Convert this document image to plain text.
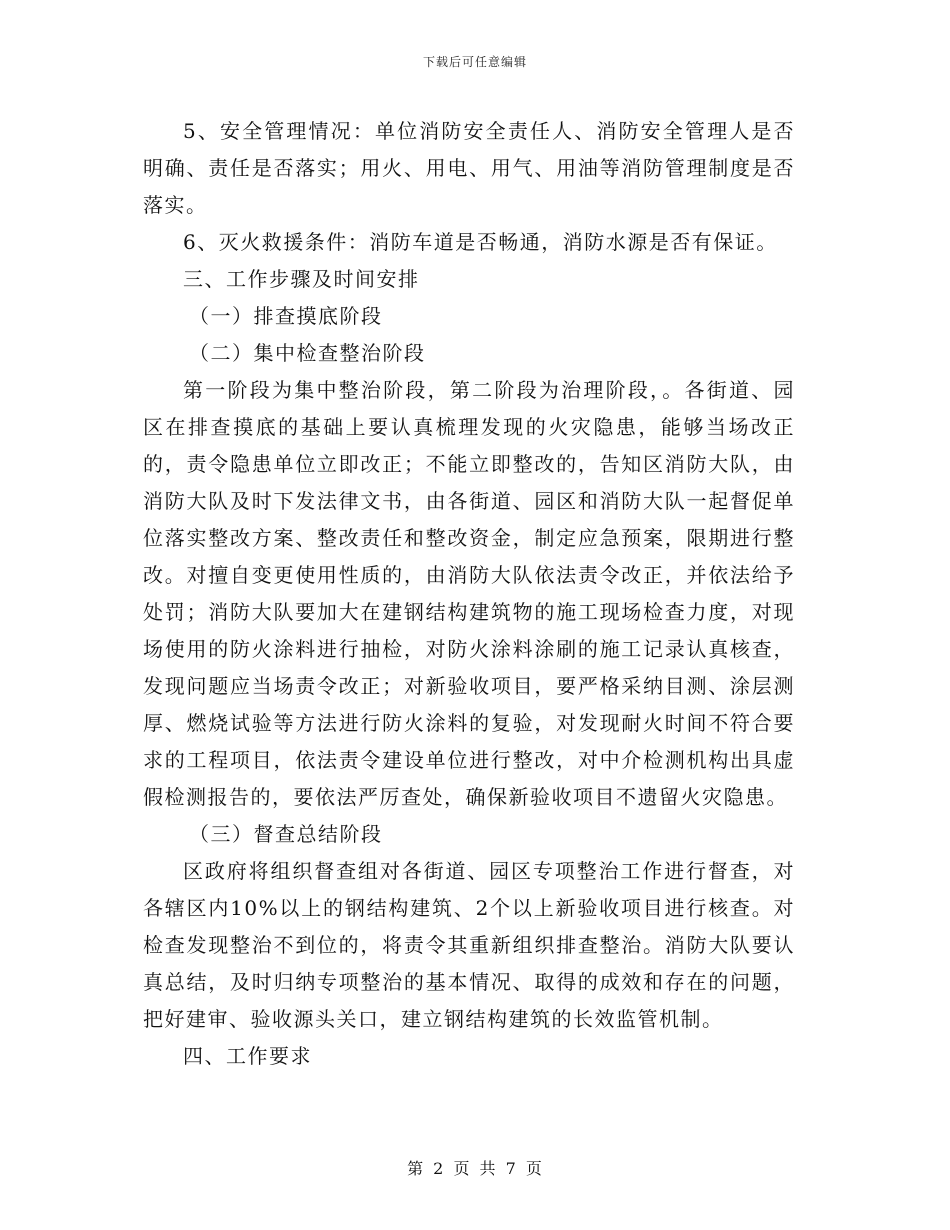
下载后可任意编辑

5、安全管理情况：单位消防安全责任人、消防安全管理人是否明确、责任是否落实；用火、用电、用气、用油等消防管理制度是否落实。

6、灭火救援条件：消防车道是否畅通，消防水源是否有保证。

三、工作步骤及时间安排

（一）排查摸底阶段

（二）集中检查整治阶段

第一阶段为集中整治阶段，第二阶段为治理阶段，。各街道、园区在排查摸底的基础上要认真梳理发现的火灾隐患，能够当场改正的，责令隐患单位立即改正；不能立即整改的，告知区消防大队，由消防大队及时下发法律文书，由各街道、园区和消防大队一起督促单位落实整改方案、整改责任和整改资金，制定应急预案，限期进行整改。对擅自变更使用性质的，由消防大队依法责令改正，并依法给予处罚；消防大队要加大在建钢结构建筑物的施工现场检查力度，对现场使用的防火涂料进行抽检，对防火涂料涂刷的施工记录认真核查，发现问题应当场责令改正；对新验收项目，要严格采纳目测、涂层测厚、燃烧试验等方法进行防火涂料的复验，对发现耐火时间不符合要求的工程项目，依法责令建设单位进行整改，对中介检测机构出具虚假检测报告的，要依法严厉查处，确保新验收项目不遗留火灾隐患。

（三）督查总结阶段

区政府将组织督查组对各街道、园区专项整治工作进行督查，对各辖区内10%以上的钢结构建筑、2个以上新验收项目进行核查。对检查发现整治不到位的，将责令其重新组织排查整治。消防大队要认真总结，及时归纳专项整治的基本情况、取得的成效和存在的问题，把好建审、验收源头关口，建立钢结构建筑的长效监管机制。

四、工作要求

第 2 页 共 7 页
